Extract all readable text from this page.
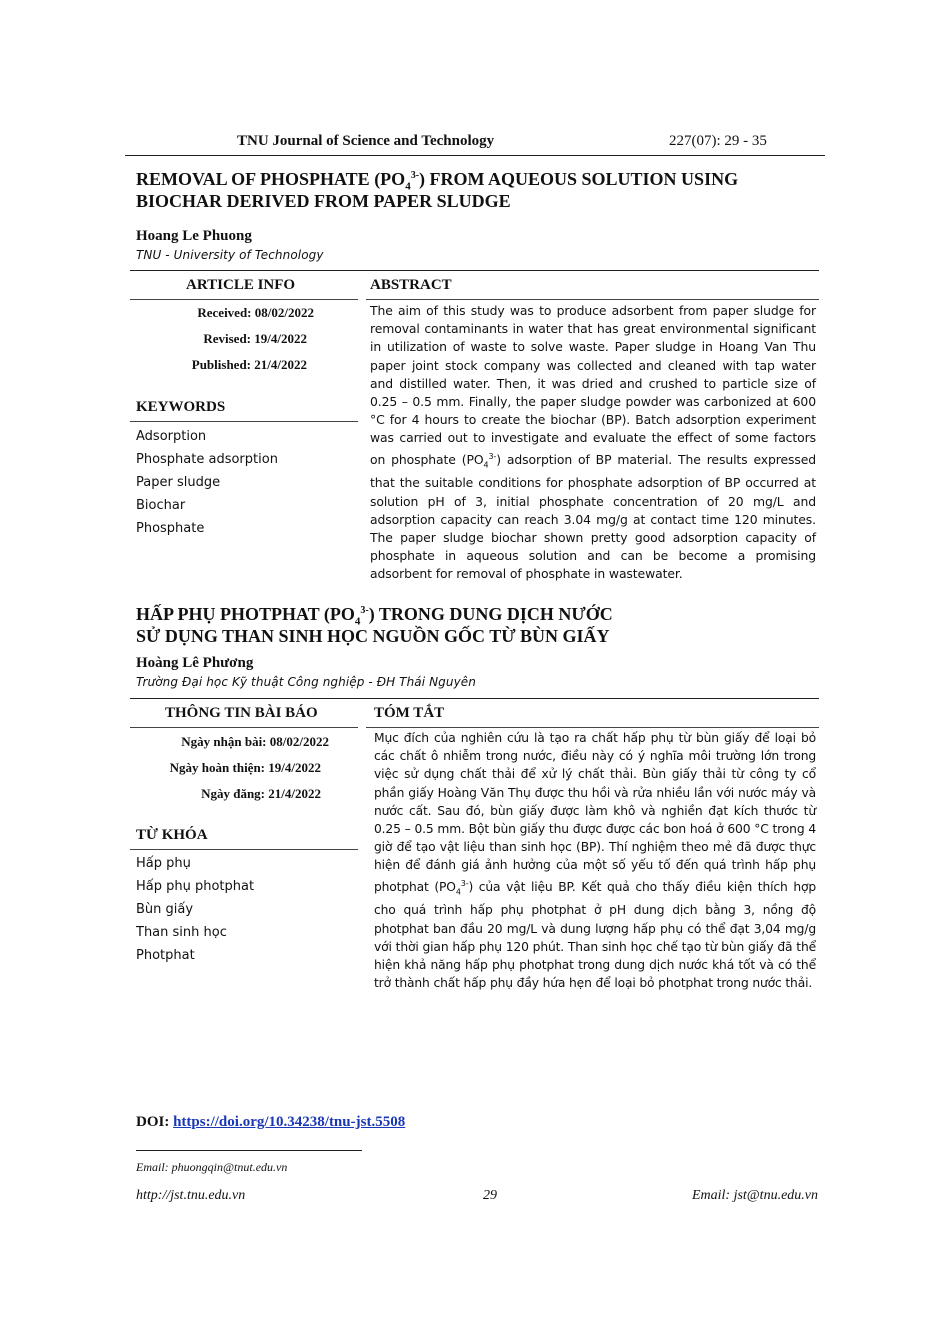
TNU Journal of Science and Technology	227(07): 29 - 35
REMOVAL OF PHOSPHATE $(PO_4^{3-})$ FROM AQUEOUS SOLUTION USING
BIOCHAR DERIVED FROM PAPER SLUDGE
Hoang Le Phuong
TNU - University of Technology
ARTICLE INFO	ABSTRACT
Received: 08/02/2022
Revised: 19/4/2022
Published: 21/4/2022
KEYWORDS
Adsorption
Phosphate adsorption
Paper sludge
Biochar
Phosphate
The aim of this study was to produce adsorbent from paper sludge for removal contaminants in water that has great environmental significant in utilization of waste to solve waste. Paper sludge in Hoang Van Thu paper joint stock company was collected and cleaned with tap water and distilled water. Then, it was dried and crushed to particle size of 0.25 – 0.5 mm. Finally, the paper sludge powder was carbonized at 600 °C for 4 hours to create the biochar (BP). Batch adsorption experiment was carried out to investigate and evaluate the effect of some factors on phosphate $(PO_4^{3-})$ adsorption of BP material. The results expressed that the suitable conditions for phosphate adsorption of BP occurred at solution pH of 3, initial phosphate concentration of 20 mg/L and adsorption capacity can reach 3.04 mg/g at contact time 120 minutes. The paper sludge biochar shown pretty good adsorption capacity of phosphate in aqueous solution and can be become a promising adsorbent for removal of phosphate in wastewater.
HẤP PHỤ PHOTPHAT $(PO_4^{3-})$ TRONG DUNG DỊCH NƯỚC
SỬ DỤNG THAN SINH HỌC NGUỒN GỐC TỪ BÙN GIẤY
Hoàng Lê Phương
Trường Đại học Kỹ thuật Công nghiệp - ĐH Thái Nguyên
THÔNG TIN BÀI BÁO	TÓM TẮT
Ngày nhận bài: 08/02/2022
Ngày hoàn thiện: 19/4/2022
Ngày đăng: 21/4/2022
TỪ KHÓA
Hấp phụ
Hấp phụ photphat
Bùn giấy
Than sinh học
Photphat
Mục đích của nghiên cứu là tạo ra chất hấp phụ từ bùn giấy để loại bỏ các chất ô nhiễm trong nước, điều này có ý nghĩa môi trường lớn trong việc sử dụng chất thải để xử lý chất thải. Bùn giấy thải từ công ty cổ phần giấy Hoàng Văn Thụ được thu hồi và rửa nhiều lần với nước máy và nước cất. Sau đó, bùn giấy được làm khô và nghiền đạt kích thước từ 0.25 – 0.5 mm. Bột bùn giấy thu được được các bon hoá ở 600 °C trong 4 giờ để tạo vật liệu than sinh học (BP). Thí nghiệm theo mẻ đã được thực hiện để đánh giá ảnh hưởng của một số yếu tố đến quá trình hấp phụ photphat $(PO_4^{3-})$ của vật liệu BP. Kết quả cho thấy điều kiện thích hợp cho quá trình hấp phụ photphat ở pH dung dịch bằng 3, nồng độ photphat ban đầu 20 mg/L và dung lượng hấp phụ có thể đạt 3,04 mg/g với thời gian hấp phụ 120 phút. Than sinh học chế tạo từ bùn giấy đã thể hiện khả năng hấp phụ photphat trong dung dịch nước khá tốt và có thể trở thành chất hấp phụ đầy hứa hẹn để loại bỏ photphat trong nước thải.
DOI: https://doi.org/10.34238/tnu-jst.5508
Email: phuongqin@tnut.edu.vn
http://jst.tnu.edu.vn	29	Email: jst@tnu.edu.vn
